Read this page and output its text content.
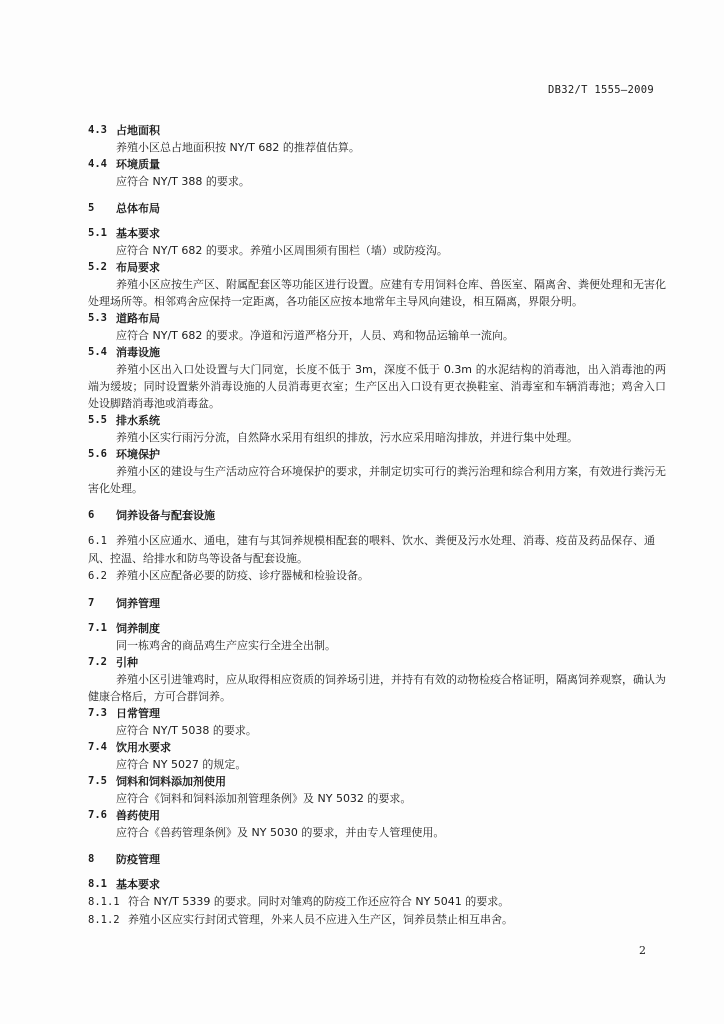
DB32/T 1555—2009
4.3 占地面积
养殖小区总占地面积按 NY/T 682 的推荐值估算。
4.4 环境质量
应符合 NY/T 388 的要求。
5	总体布局
5.1 基本要求
应符合 NY/T 682 的要求。养殖小区周围须有围栏（墙）或防疫沟。
5.2 布局要求
养殖小区应按生产区、附属配套区等功能区进行设置。应建有专用饲料仓库、兽医室、隔离舍、粪便处理和无害化处理场所等。相邻鸡舍应保持一定距离，各功能区应按本地常年主导风向建设，相互隔离，界限分明。
5.3 道路布局
应符合 NY/T 682 的要求。净道和污道严格分开，人员、鸡和物品运输单一流向。
5.4 消毒设施
养殖小区出入口处设置与大门同宽，长度不低于 3m，深度不低于 0.3m 的水泥结构的消毒池，出入消毒池的两端为缓坡；同时设置紫外消毒设施的人员消毒更衣室；生产区出入口设有更衣换鞋室、消毒室和车辆消毒池；鸡舍入口处设脚踏消毒池或消毒盆。
5.5 排水系统
养殖小区实行雨污分流，自然降水采用有组织的排放，污水应采用暗沟排放，并进行集中处理。
5.6 环境保护
养殖小区的建设与生产活动应符合环境保护的要求，并制定切实可行的粪污治理和综合利用方案，有效进行粪污无害化处理。
6	饲养设备与配套设施
6.1 养殖小区应通水、通电，建有与其饲养规模相配套的喂料、饮水、粪便及污水处理、消毒、疫苗及药品保存、通风、控温、给排水和防鸟等设备与配套设施。
6.2 养殖小区应配备必要的防疫、诊疗器械和检验设备。
7	饲养管理
7.1 饲养制度
同一栋鸡舍的商品鸡生产应实行全进全出制。
7.2 引种
养殖小区引进雏鸡时，应从取得相应资质的饲养场引进，并持有有效的动物检疫合格证明，隔离饲养观察，确认为健康合格后，方可合群饲养。
7.3 日常管理
应符合 NY/T 5038 的要求。
7.4 饮用水要求
应符合 NY 5027 的规定。
7.5 饲料和饲料添加剂使用
应符合《饲料和饲料添加剂管理条例》及 NY 5032 的要求。
7.6 兽药使用
应符合《兽药管理条例》及 NY 5030 的要求，并由专人管理使用。
8	防疫管理
8.1 基本要求
8.1.1 符合 NY/T 5339 的要求。同时对雏鸡的防疫工作还应符合 NY 5041 的要求。
8.1.2 养殖小区应实行封闭式管理，外来人员不应进入生产区，饲养员禁止相互串舍。
2
